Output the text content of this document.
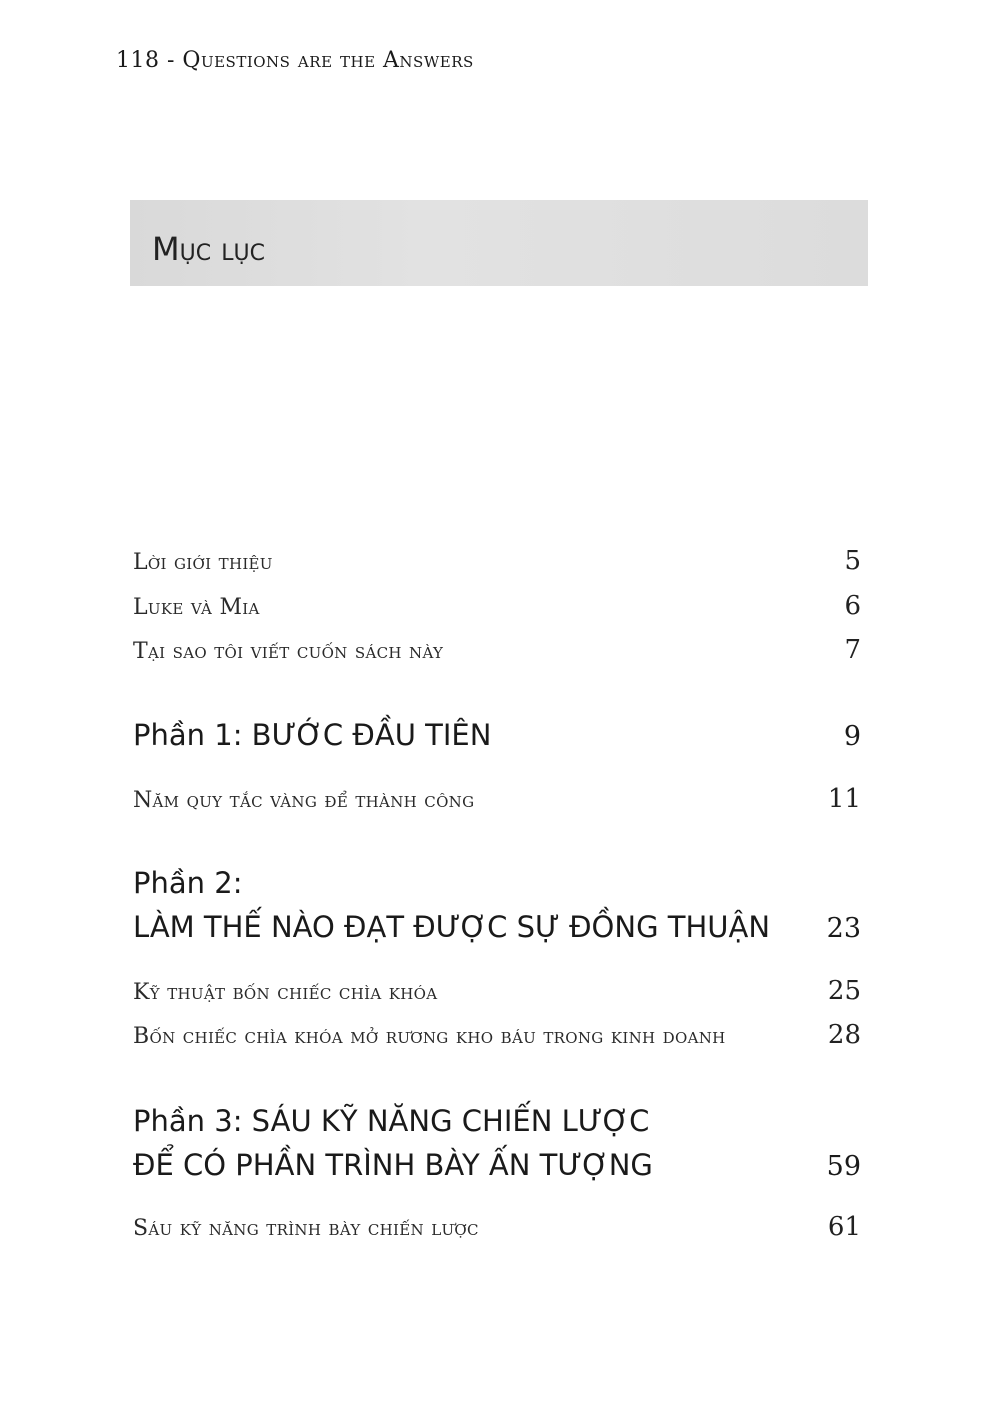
118 - Questions are the Answers
Mục lục
Lời giới thiệu	5
Luke và Mia	6
Tại sao tôi viết cuốn sách này	7
Phần 1: BƯỚC ĐẦU TIÊN	9
Năm quy tắc vàng để thành công	11
Phần 2:
LÀM THẾ NÀO ĐẠT ĐƯỢC SỰ ĐỒNG THUẬN 23
Kỹ thuật bốn chiếc chìa khóa	25
Bốn chiếc chìa khóa mở rương kho báu trong kinh doanh	28
Phần 3: SÁU KỸ NĂNG CHIẾN LƯỢC
ĐỂ CÓ PHẦN TRÌNH BÀY ẤN TƯỢNG	59
Sáu kỹ năng trình bày chiến lược	61
